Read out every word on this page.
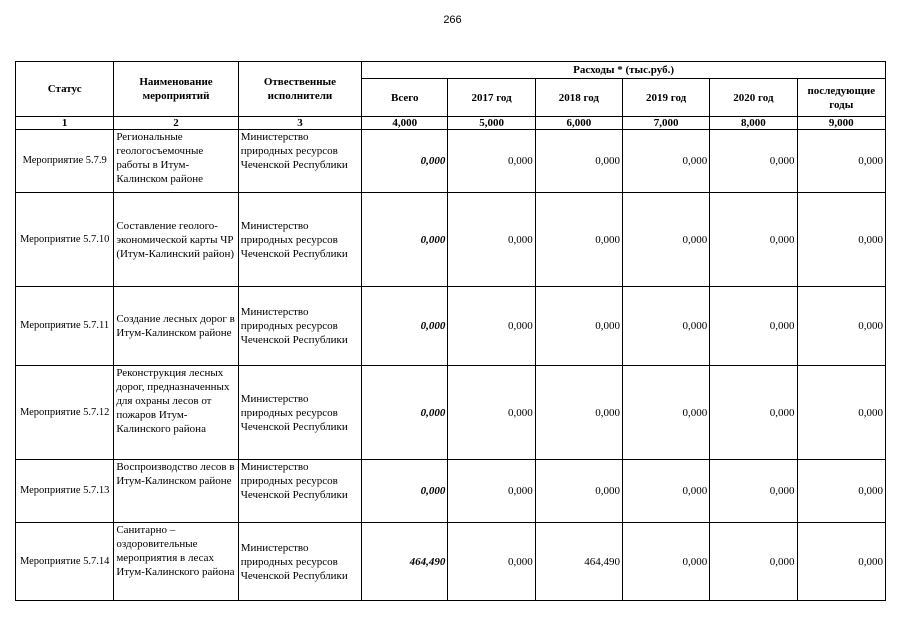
266
Статус	Наименование мероприятий	Отвественные исполнители	Расходы * (тыс.руб.)					
			Всего	2017 год	2018 год	2019 год	2020 год	последующие годы

1	2	3	4,000	5,000	6,000	7,000	8,000	9,000
Мероприятие 5.7.9	Региональные геологосъемочные работы в Итум-Калинском районе	Министерство природных ресурсов Чеченской Республики	0,000	0,000	0,000	0,000	0,000	0,000
Мероприятие 5.7.10	Составление геолого-экономической карты ЧР (Итум-Калинский район)	Министерство природных ресурсов Чеченской Республики	0,000	0,000	0,000	0,000	0,000	0,000
Мероприятие 5.7.11	Создание лесных дорог в Итум-Калинском районе	Министерство природных ресурсов Чеченской Республики	0,000	0,000	0,000	0,000	0,000	0,000
Мероприятие 5.7.12	Реконструкция лесных дорог, предназначенных для охраны лесов от пожаров Итум-Калинского района	Министерство природных ресурсов Чеченской Республики	0,000	0,000	0,000	0,000	0,000	0,000
Мероприятие 5.7.13	Воспроизводство лесов в Итум-Калинском районе	Министерство природных ресурсов Чеченской Республики	0,000	0,000	0,000	0,000	0,000	0,000
Мероприятие 5.7.14	Санитарно – оздоровительные мероприятия в лесах Итум-Калинского района	Министерство природных ресурсов Чеченской Республики	464,490	0,000	464,490	0,000	0,000	0,000
